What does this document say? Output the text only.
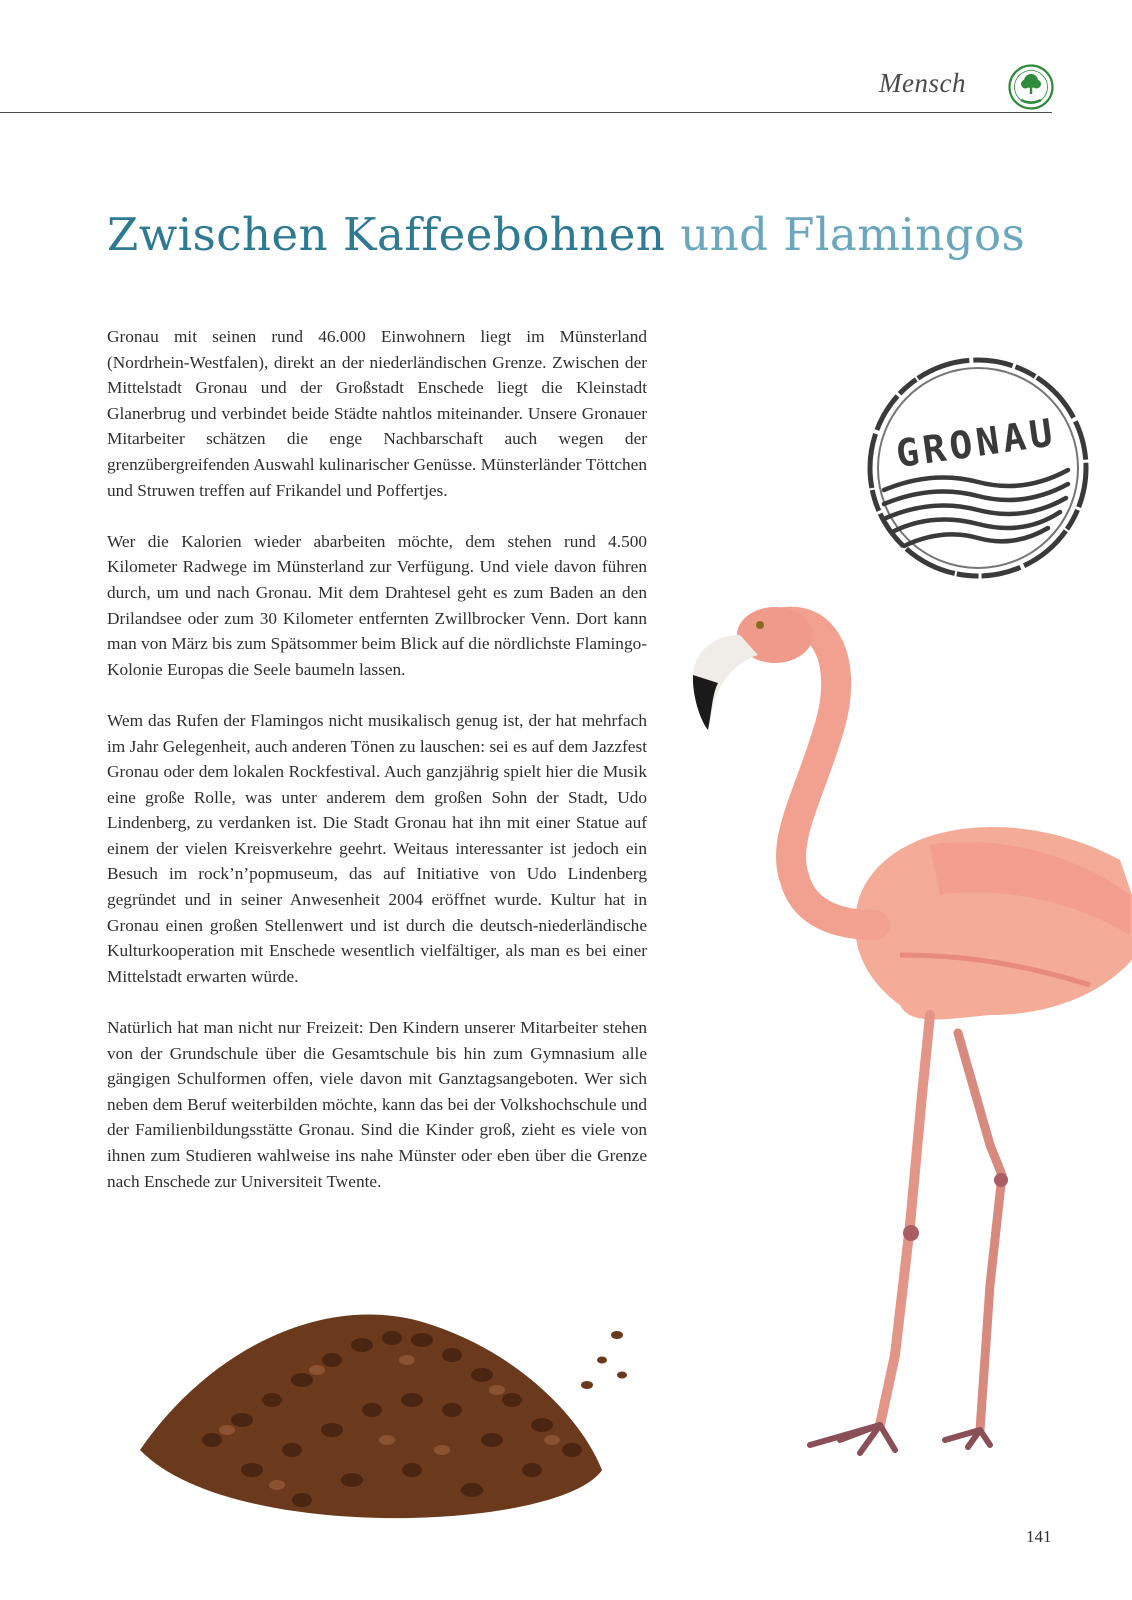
Mensch
Zwischen Kaffeebohnen und Flamingos

Gronau mit seinen rund 46.000 Einwohnern liegt im Münsterland (Nordrhein-Westfalen), direkt an der niederländischen Grenze. Zwischen der Mittelstadt Gronau und der Großstadt Enschede liegt die Kleinstadt Glanerbrug und verbindet beide Städte nahtlos miteinander. Unsere Gronauer Mitarbeiter schätzen die enge Nachbarschaft auch wegen der grenzübergreifenden Auswahl kulinarischer Genüsse. Münsterländer Töttchen und Struwen treffen auf Frikandel und Poffertjes.

Wer die Kalorien wieder abarbeiten möchte, dem stehen rund 4.500 Kilometer Radwege im Münsterland zur Verfügung. Und viele davon führen durch, um und nach Gronau. Mit dem Drahtesel geht es zum Baden an den Drilandsee oder zum 30 Kilometer entfernten Zwillbrocker Venn. Dort kann man von März bis zum Spätsommer beim Blick auf die nördlichste Flamingo-Kolonie Europas die Seele baumeln lassen.

Wem das Rufen der Flamingos nicht musikalisch genug ist, der hat mehrfach im Jahr Gelegenheit, auch anderen Tönen zu lauschen: sei es auf dem Jazzfest Gronau oder dem lokalen Rockfestival. Auch ganzjährig spielt hier die Musik eine große Rolle, was unter anderem dem großen Sohn der Stadt, Udo Lindenberg, zu verdanken ist. Die Stadt Gronau hat ihn mit einer Statue auf einem der vielen Kreisverkehre geehrt. Weitaus interessanter ist jedoch ein Besuch im rock’n’popmuseum, das auf Initiative von Udo Lindenberg gegründet und in seiner Anwesenheit 2004 eröffnet wurde. Kultur hat in Gronau einen großen Stellenwert und ist durch die deutsch-niederländische Kulturkooperation mit Enschede wesentlich vielfältiger, als man es bei einer Mittelstadt erwarten würde.

Natürlich hat man nicht nur Freizeit: Den Kindern unserer Mitarbeiter stehen von der Grundschule über die Gesamtschule bis hin zum Gymnasium alle gängigen Schulformen offen, viele davon mit Ganztagsangeboten. Wer sich neben dem Beruf weiterbilden möchte, kann das bei der Volkshochschule und der Familienbildungsstätte Gronau. Sind die Kinder groß, zieht es viele von ihnen zum Studieren wahlweise ins nahe Münster oder eben über die Grenze nach Enschede zur Universiteit Twente.

GRONAU
141
